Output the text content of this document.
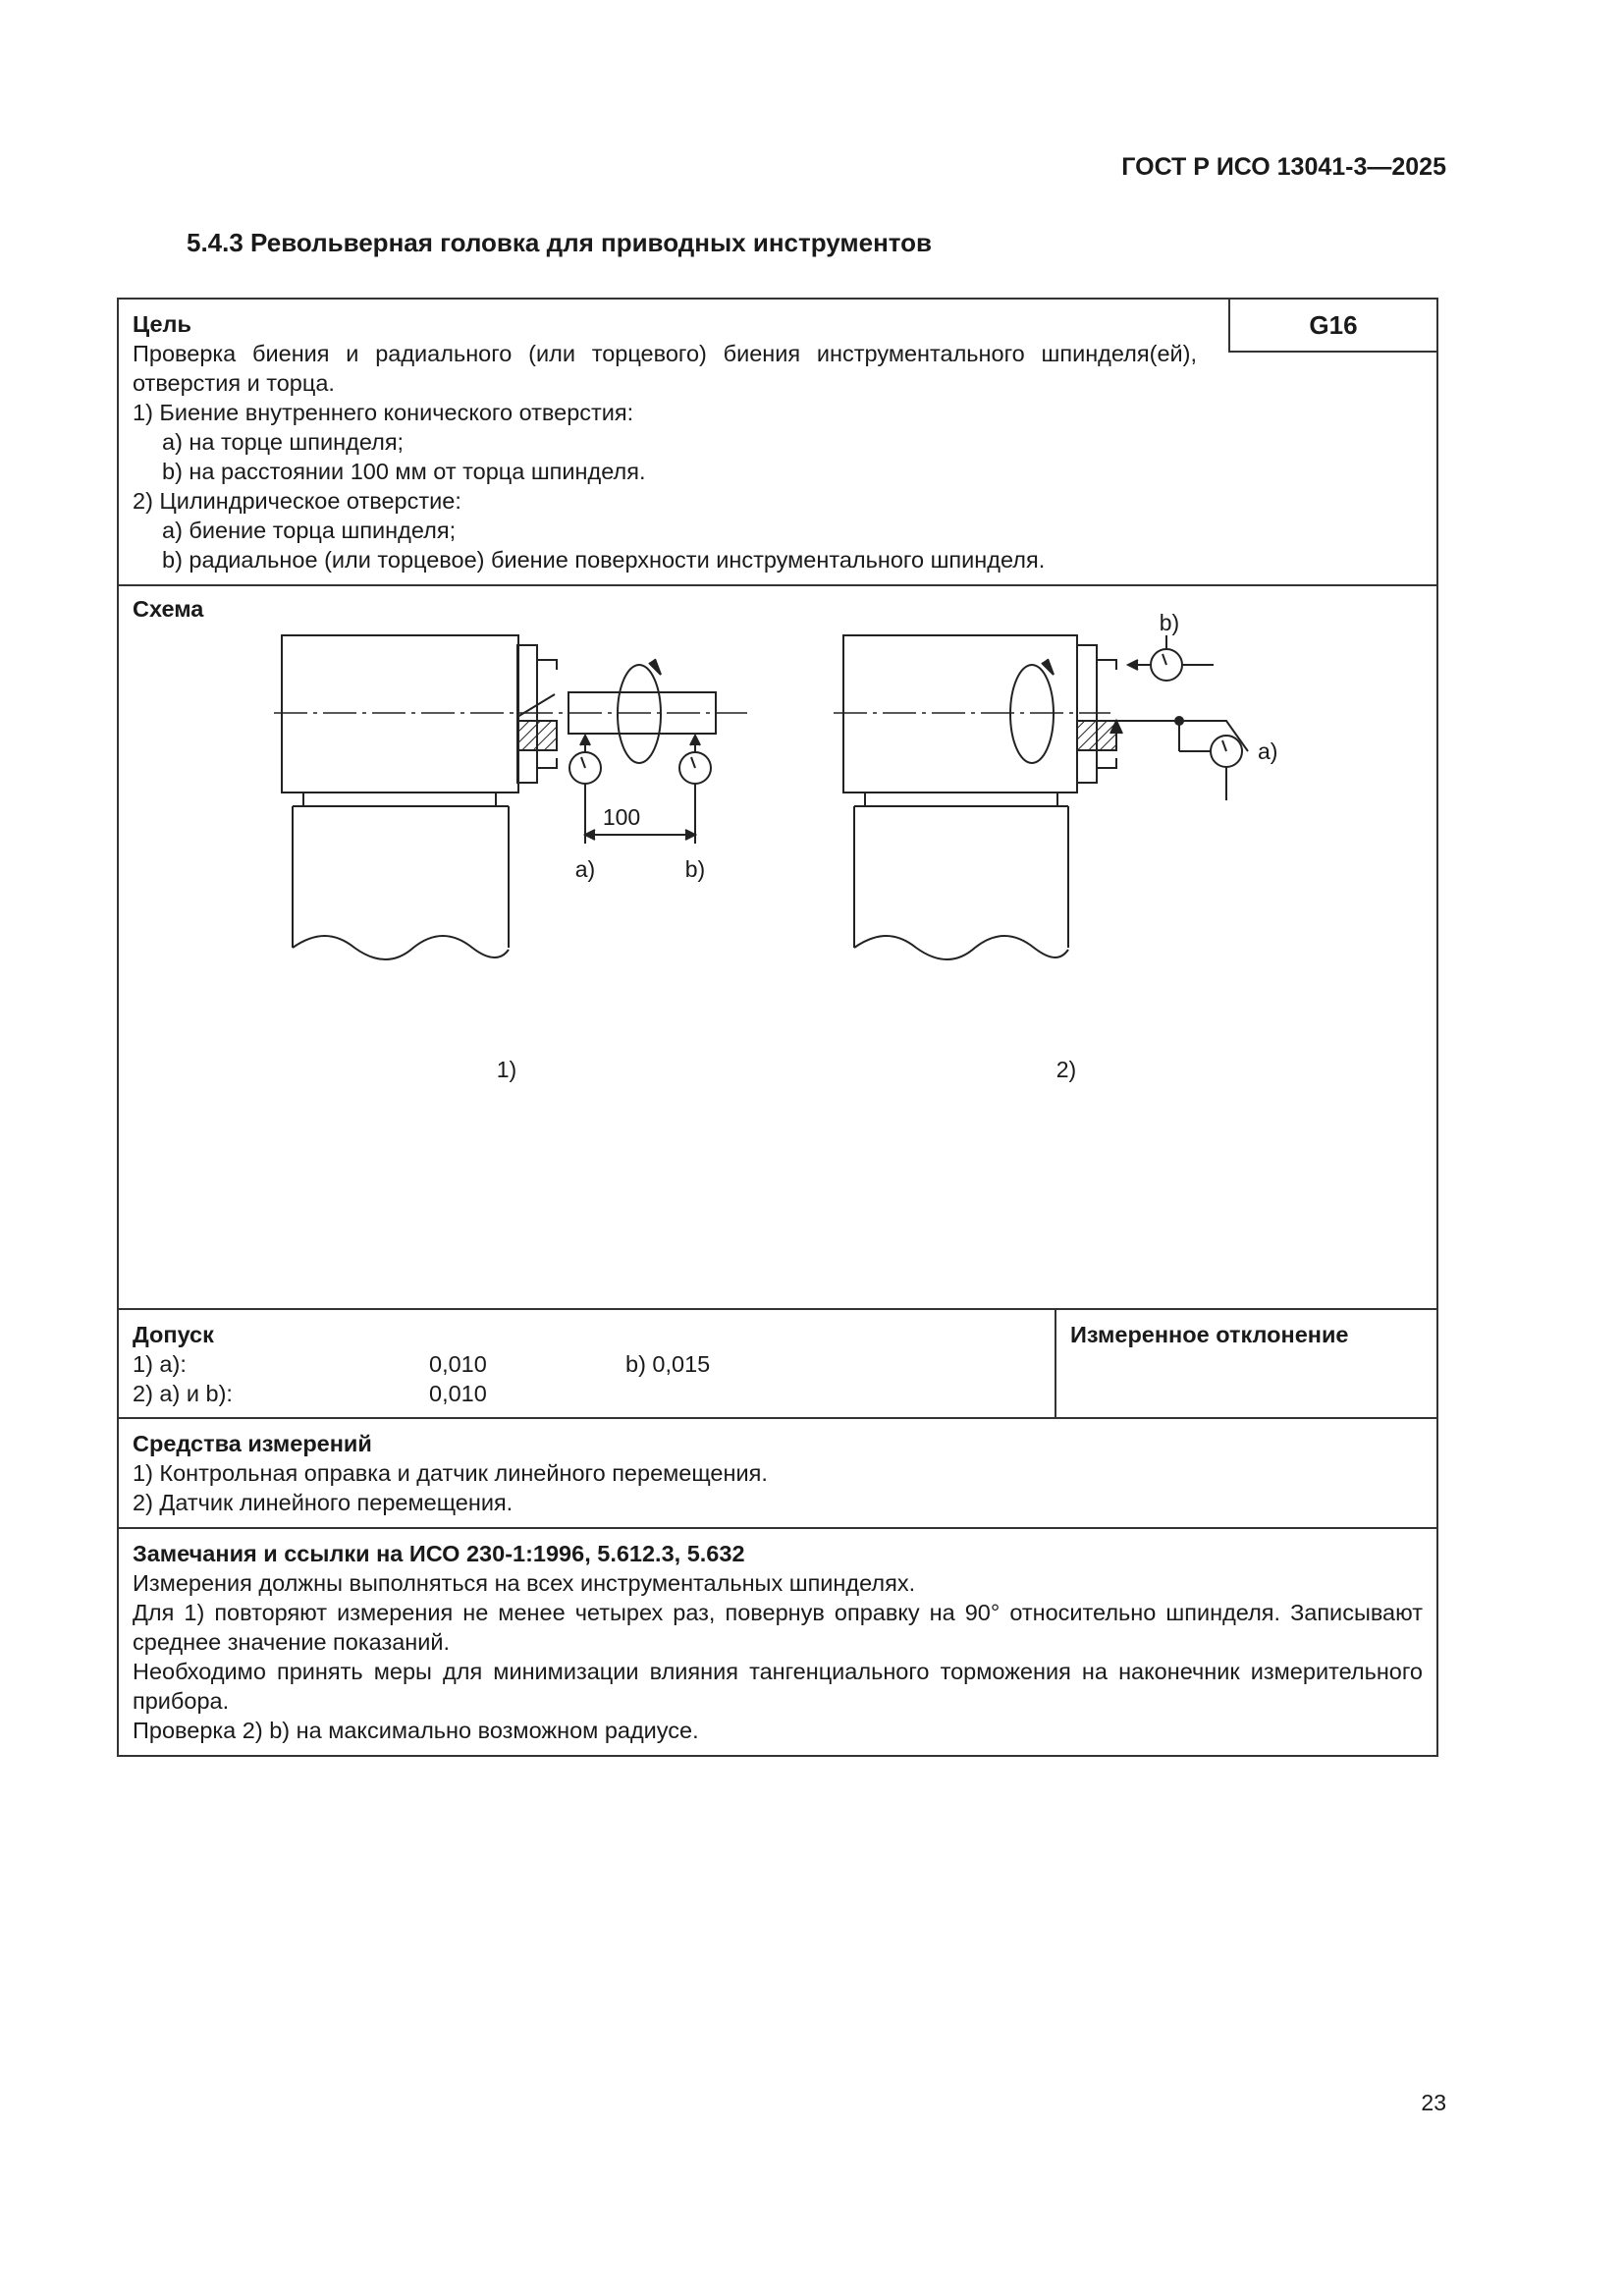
ГОСТ Р ИСО 13041-3—2025
5.4.3 Револьверная головка для приводных инструментов
G16
Цель
Проверка биения и радиального (или торцевого) биения инструментального шпинделя(ей), отверстия и торца.
1) Биение внутреннего конического отверстия:
a) на торце шпинделя;
b) на расстоянии 100 мм от торца шпинделя.
2) Цилиндрическое отверстие:
a) биение торца шпинделя;
b) радиальное (или торцевое) биение поверхности инструментального шпинделя.
Схема
100
a)	b)
1)
a)
b)
2)
Допуск
1) a):	0,010	b) 0,015
2) a) и b):	0,010
Измеренное отклонение
Средства измерений
1) Контрольная оправка и датчик линейного перемещения.
2) Датчик линейного перемещения.
Замечания и ссылки на ИСО 230-1:1996, 5.612.3, 5.632
Измерения должны выполняться на всех инструментальных шпинделях.
Для 1) повторяют измерения не менее четырех раз, повернув оправку на 90° относительно шпинделя. Записывают среднее значение показаний.
Необходимо принять меры для минимизации влияния тангенциального торможения на наконечник измерительного прибора.
Проверка 2) b) на максимально возможном радиусе.
23
